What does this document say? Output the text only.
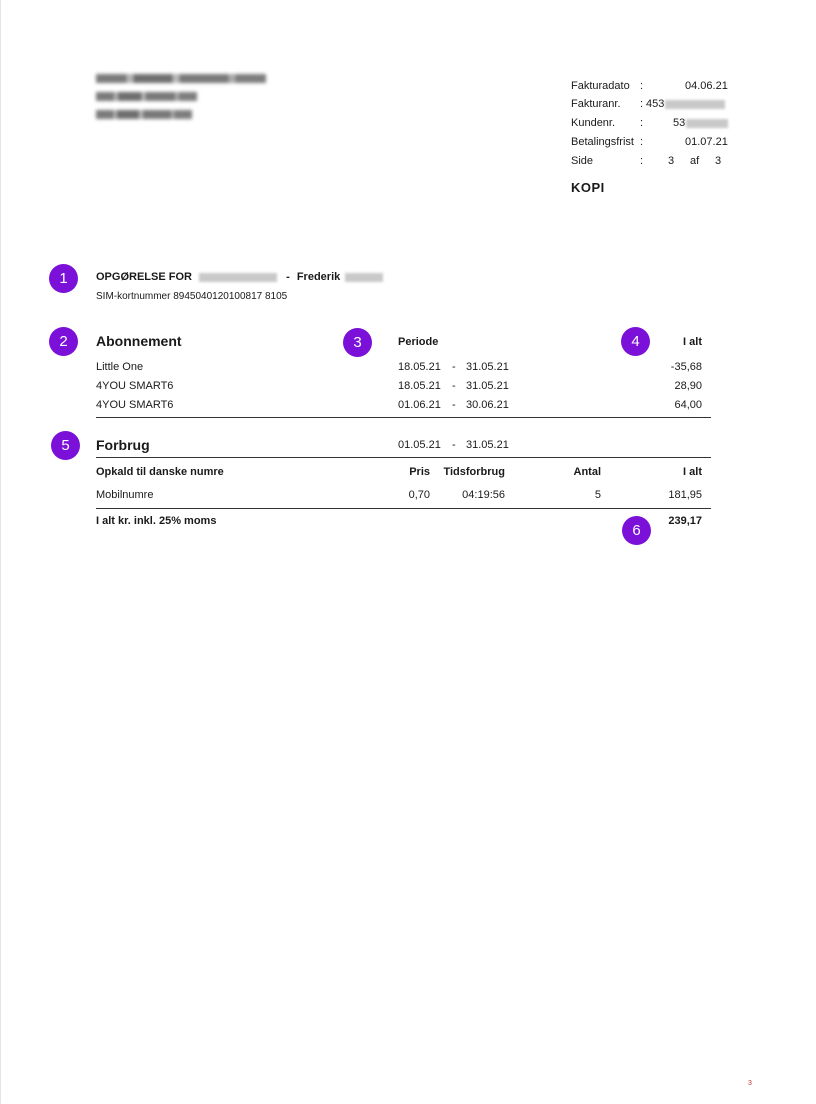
Fakturadato :	04.06.21
Fakturanr. : 453
Kundenr. :	53
Betalingsfrist :	01.07.21
Side	: 3 af 3
KOPI
1
2	3	4
5
6
OPGØRELSE FOR	- Frederik
SIM-kortnummer 8945040120100817 8105
Abonnement	Periode	I alt
Little One	18.05.21 - 31.05.21	-35,68
4YOU SMART6	18.05.21 - 31.05.21	28,90
4YOU SMART6	01.06.21 - 30.06.21	64,00
Forbrug	01.05.21 - 31.05.21
Opkald til danske numre	Pris	Tidsforbrug	Antal	I alt
Mobilnumre	0,70	04:19:56	5	181,95
I alt kr. inkl. 25% moms	239,17
3
